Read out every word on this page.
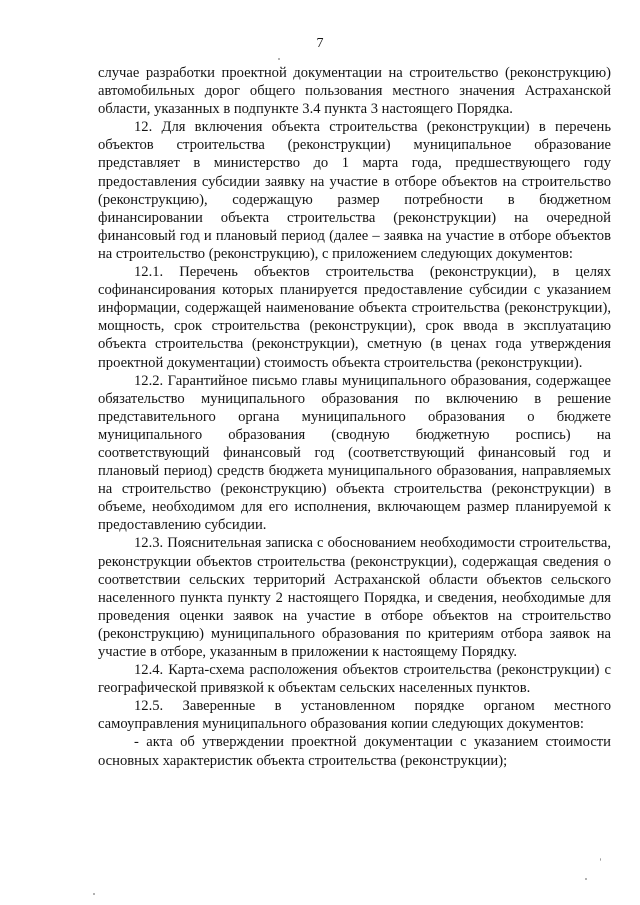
7

случае разработки проектной документации на строительство (реконструкцию) автомобильных дорог общего пользования местного значения Астраханской области, указанных в подпункте 3.4 пункта 3 настоящего Порядка.

12. Для включения объекта строительства (реконструкции) в перечень объектов строительства (реконструкции) муниципальное образование представляет в министерство до 1 марта года, предшествующего году предоставления субсидии заявку на участие в отборе объектов на строительство (реконструкцию), содержащую размер потребности в бюджетном финансировании объекта строительства (реконструкции) на очередной финансовый год и плановый период (далее – заявка на участие в отборе объектов на строительство (реконструкцию), с приложением следующих документов:

12.1. Перечень объектов строительства (реконструкции), в целях софинансирования которых планируется предоставление субсидии с указанием информации, содержащей наименование объекта строительства (реконструкции), мощность, срок строительства (реконструкции), срок ввода в эксплуатацию объекта строительства (реконструкции), сметную (в ценах года утверждения проектной документации) стоимость объекта строительства (реконструкции).

12.2. Гарантийное письмо главы муниципального образования, содержащее обязательство муниципального образования по включению в решение представительного органа муниципального образования о бюджете муниципального образования (сводную бюджетную роспись) на соответствующий финансовый год (соответствующий финансовый год и плановый период) средств бюджета муниципального образования, направляемых на строительство (реконструкцию) объекта строительства (реконструкции) в объеме, необходимом для его исполнения, включающем размер планируемой к предоставлению субсидии.

12.3. Пояснительная записка с обоснованием необходимости строительства, реконструкции объектов строительства (реконструкции), содержащая сведения о соответствии сельских территорий Астраханской области объектов сельского населенного пункта пункту 2 настоящего Порядка, и сведения, необходимые для проведения оценки заявок на участие в отборе объектов на строительство (реконструкцию) муниципального образования по критериям отбора заявок на участие в отборе, указанным в приложении к настоящему Порядку.

12.4. Карта-схема расположения объектов строительства (реконструкции) с географической привязкой к объектам сельских населенных пунктов.

12.5. Заверенные в установленном порядке органом местного самоуправления муниципального образования копии следующих документов:

- акта об утверждении проектной документации с указанием стоимости основных характеристик объекта строительства (реконструкции);
